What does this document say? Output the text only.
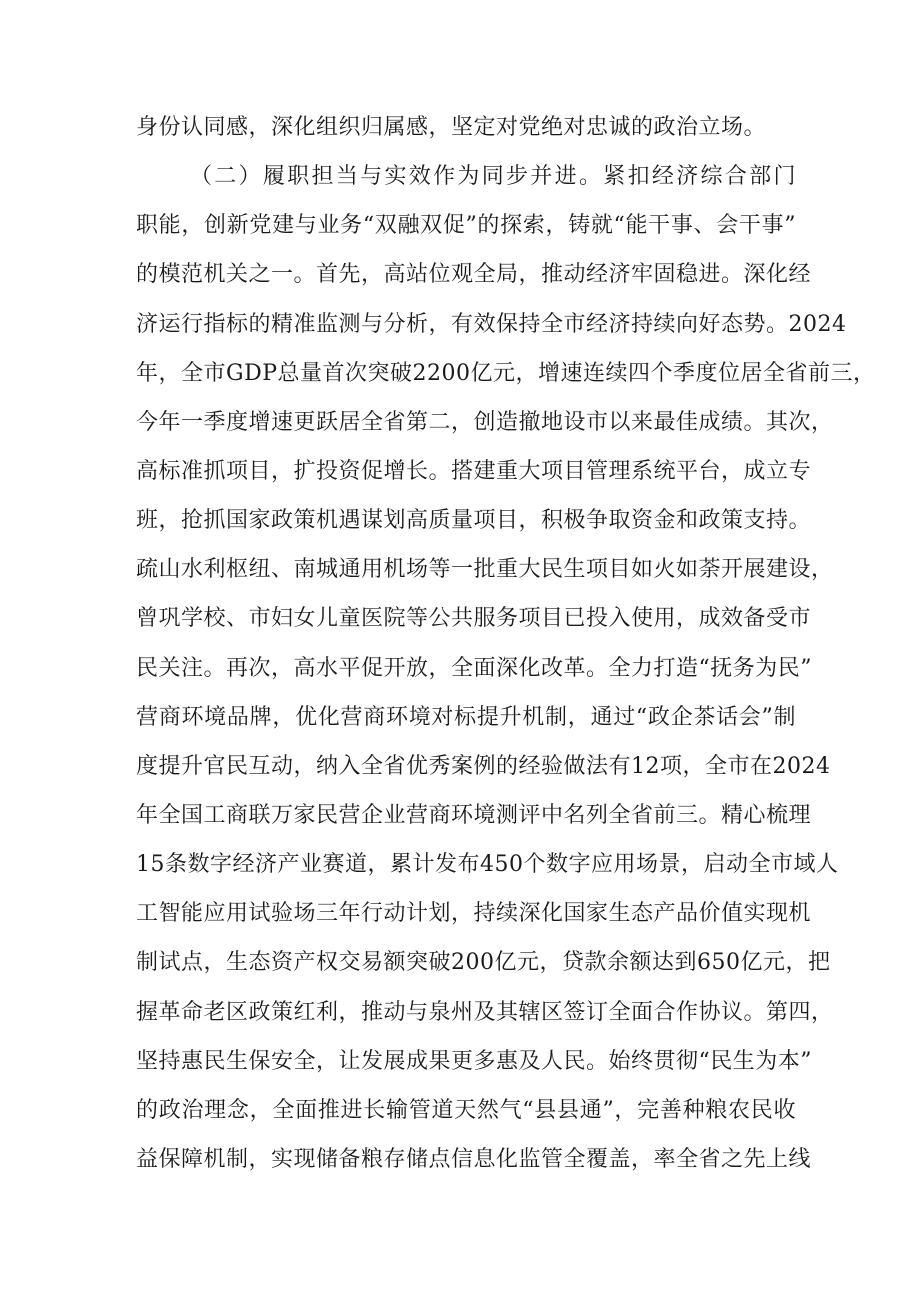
身份认同感，深化组织归属感，坚定对党绝对忠诚的政治立场。
（二）履职担当与实效作为同步并进。紧扣经济综合部门
职能，创新党建与业务“双融双促”的探索，铸就“能干事、会干事”
的模范机关之一。首先，高站位观全局，推动经济牢固稳进。深化经
济运行指标的精准监测与分析，有效保持全市经济持续向好态势。2024
年，全市GDP总量首次突破2200亿元，增速连续四个季度位居全省前三，
今年一季度增速更跃居全省第二，创造撤地设市以来最佳成绩。其次，
高标准抓项目，扩投资促增长。搭建重大项目管理系统平台，成立专
班，抢抓国家政策机遇谋划高质量项目，积极争取资金和政策支持。
疏山水利枢纽、南城通用机场等一批重大民生项目如火如荼开展建设，
曾巩学校、市妇女儿童医院等公共服务项目已投入使用，成效备受市
民关注。再次，高水平促开放，全面深化改革。全力打造“抚务为民”
营商环境品牌，优化营商环境对标提升机制，通过“政企茶话会”制
度提升官民互动，纳入全省优秀案例的经验做法有12项，全市在2024
年全国工商联万家民营企业营商环境测评中名列全省前三。精心梳理
15条数字经济产业赛道，累计发布450个数字应用场景，启动全市域人
工智能应用试验场三年行动计划，持续深化国家生态产品价值实现机
制试点，生态资产权交易额突破200亿元，贷款余额达到650亿元，把
握革命老区政策红利，推动与泉州及其辖区签订全面合作协议。第四，
坚持惠民生保安全，让发展成果更多惠及人民。始终贯彻“民生为本”
的政治理念，全面推进长输管道天然气“县县通”，完善种粮农民收
益保障机制，实现储备粮存储点信息化监管全覆盖，率全省之先上线
